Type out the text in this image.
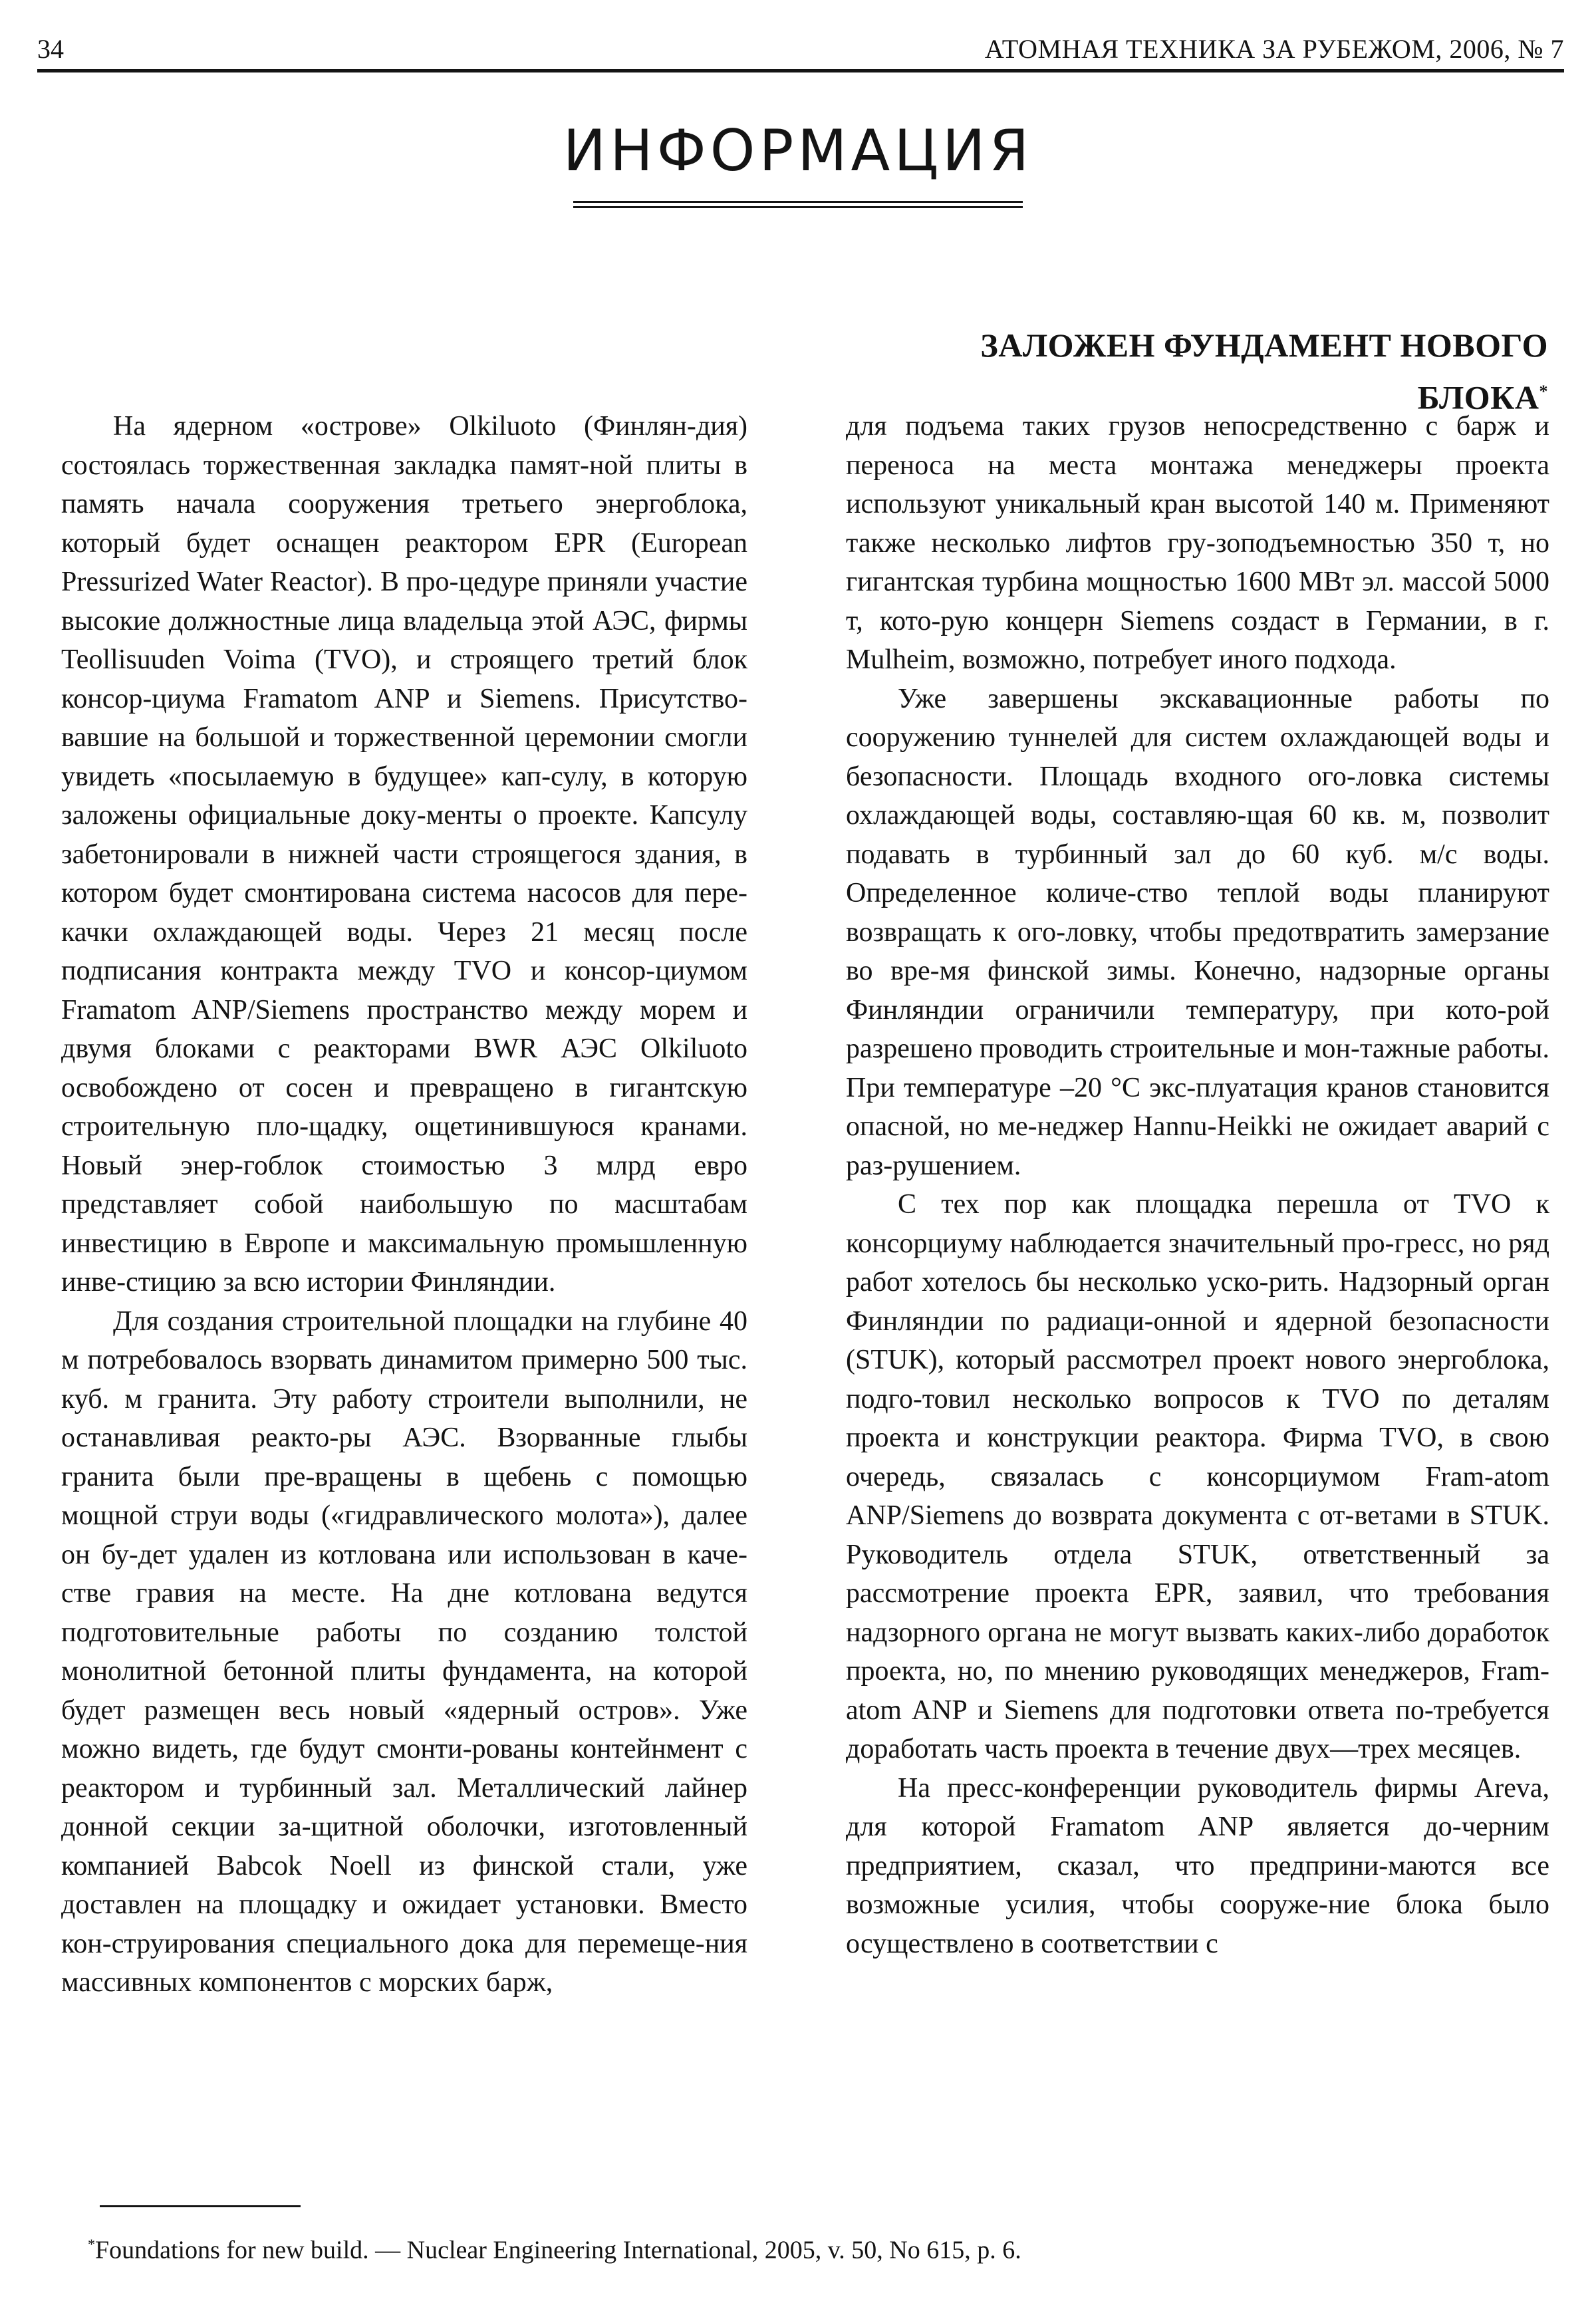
34	АТОМНАЯ ТЕХНИКА ЗА РУБЕЖОМ, 2006, № 7
ИНФОРМАЦИЯ
ЗАЛОЖЕН ФУНДАМЕНТ НОВОГО БЛОКА*

На ядерном «острове» Olkiluoto (Финлян-дия) состоялась торжественная закладка памят-ной плиты в память начала сооружения третьего энергоблока, который будет оснащен реактором EPR (European Pressurized Water Reactor). В про-цедуре приняли участие высокие должностные лица владельца этой АЭС, фирмы Teollisuuden Voima (TVO), и строящего третий блок консор-циума Framatom ANP и Siemens. Присутство-вавшие на большой и торжественной церемонии смогли увидеть «посылаемую в будущее» кап-сулу, в которую заложены официальные доку-менты о проекте. Капсулу забетонировали в нижней части строящегося здания, в котором будет смонтирована система насосов для пере-качки охлаждающей воды. Через 21 месяц после подписания контракта между TVO и консор-циумом Framatom ANP/Siemens пространство между морем и двумя блоками с реакторами BWR АЭС Olkiluoto освобождено от сосен и превращено в гигантскую строительную пло-щадку, ощетинившуюся кранами. Новый энер-гоблок стоимостью 3 млрд евро представляет собой наибольшую по масштабам инвестицию в Европе и максимальную промышленную инве-стицию за всю истории Финляндии.

Для создания строительной площадки на глубине 40 м потребовалось взорвать динамитом примерно 500 тыс. куб. м гранита. Эту работу строители выполнили, не останавливая реакто-ры АЭС. Взорванные глыбы гранита были пре-вращены в щебень с помощью мощной струи воды («гидравлического молота»), далее он бу-дет удален из котлована или использован в каче-стве гравия на месте. На дне котлована ведутся подготовительные работы по созданию толстой монолитной бетонной плиты фундамента, на которой будет размещен весь новый «ядерный остров». Уже можно видеть, где будут смонти-рованы контейнмент с реактором и турбинный зал. Металлический лайнер донной секции за-щитной оболочки, изготовленный компанией Babcok Noell из финской стали, уже доставлен на площадку и ожидает установки. Вместо кон-струирования специального дока для перемеще-ния массивных компонентов с морских барж,

для подъема таких грузов непосредственно с барж и переноса на места монтажа менеджеры проекта используют уникальный кран высотой 140 м. Применяют также несколько лифтов гру-зоподъемностью 350 т, но гигантская турбина мощностью 1600 МВт эл. массой 5000 т, кото-рую концерн Siemens создаст в Германии, в г. Mulheim, возможно, потребует иного подхода.

Уже завершены экскавационные работы по сооружению туннелей для систем охлаждающей воды и безопасности. Площадь входного ого-ловка системы охлаждающей воды, составляю-щая 60 кв. м, позволит подавать в турбинный зал до 60 куб. м/с воды. Определенное количе-ство теплой воды планируют возвращать к ого-ловку, чтобы предотвратить замерзание во вре-мя финской зимы. Конечно, надзорные органы Финляндии ограничили температуру, при кото-рой разрешено проводить строительные и мон-тажные работы. При температуре –20 °С экс-плуатация кранов становится опасной, но ме-неджер Hannu-Heikki не ожидает аварий с раз-рушением.

С тех пор как площадка перешла от TVO к консорциуму наблюдается значительный про-гресс, но ряд работ хотелось бы несколько уско-рить. Надзорный орган Финляндии по радиаци-онной и ядерной безопасности (STUK), который рассмотрел проект нового энергоблока, подго-товил несколько вопросов к TVO по деталям проекта и конструкции реактора. Фирма TVO, в свою очередь, связалась с консорциумом Fram-atom ANP/Siemens до возврата документа с от-ветами в STUK. Руководитель отдела STUK, ответственный за рассмотрение проекта EPR, заявил, что требования надзорного органа не могут вызвать каких-либо доработок проекта, но, по мнению руководящих менеджеров, Fram-atom ANP и Siemens для подготовки ответа по-требуется доработать часть проекта в течение двух—трех месяцев.

На пресс-конференции руководитель фирмы Areva, для которой Framatom ANP является до-черним предприятием, сказал, что предприни-маются все возможные усилия, чтобы сооруже-ние блока было осуществлено в соответствии с

*Foundations for new build. — Nuclear Engineering International, 2005, v. 50, No 615, p. 6.
